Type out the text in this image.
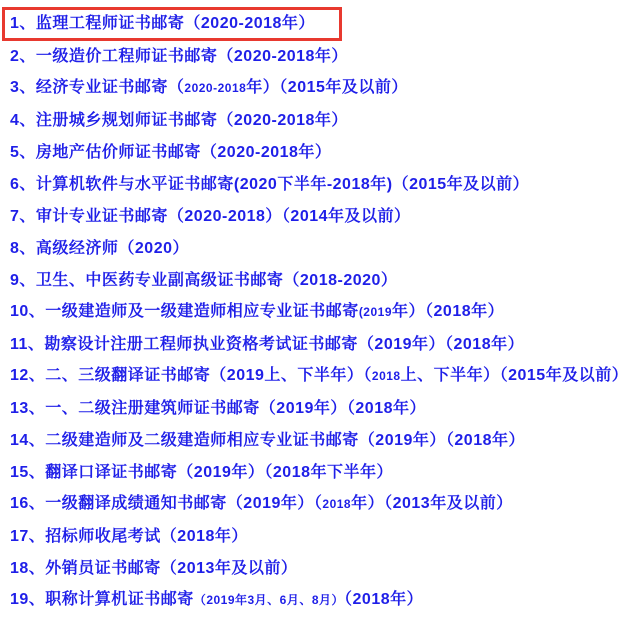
1、监理工程师证书邮寄（2020-2018年）
2、一级造价工程师证书邮寄（2020-2018年）
3、经济专业证书邮寄（2020-2018年）（2015年及以前）
4、注册城乡规划师证书邮寄（2020-2018年）
5、房地产估价师证书邮寄（2020-2018年）
6、计算机软件与水平证书邮寄(2020下半年-2018年)（2015年及以前）
7、审计专业证书邮寄（2020-2018）（2014年及以前）
8、高级经济师（2020）
9、卫生、中医药专业副高级证书邮寄（2018-2020）
10、一级建造师及一级建造师相应专业证书邮寄(2019年）（2018年）
11、勘察设计注册工程师执业资格考试证书邮寄（2019年）（2018年）
12、二、三级翻译证书邮寄（2019上、下半年）（2018上、下半年）（2015年及以前）
13、一、二级注册建筑师证书邮寄（2019年）（2018年）
14、二级建造师及二级建造师相应专业证书邮寄（2019年）（2018年）
15、翻译口译证书邮寄（2019年）（2018年下半年）
16、一级翻译成绩通知书邮寄（2019年）（2018年）（2013年及以前）
17、招标师收尾考试（2018年）
18、外销员证书邮寄（2013年及以前）
19、职称计算机证书邮寄（2019年3月、6月、8月）（2018年）
